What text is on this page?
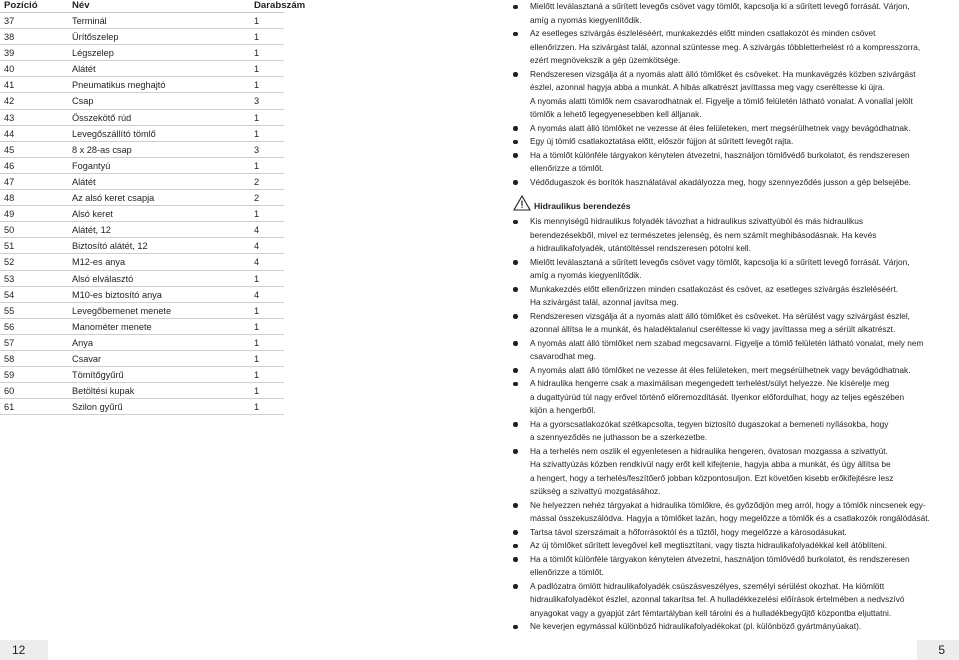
Pozíció	Név	Darabszám
37	Terminál	1
38	Ürítőszelep	1
39	Légszelep	1
40	Alátét	1
41	Pneumatikus meghajtó	1
42	Csap	3
43	Összekötő rúd	1
44	Levegőszállító tömlő	1
45	8 x 28-as csap	3
46	Fogantyú	1
47	Alátét	2
48	Az alsó keret csapja	2
49	Alsó keret	1
50	Alátét, 12	4
51	Biztosító alátét, 12	4
52	M12-es anya	4
53	Alsó elválasztó	1
54	M10-es biztosító anya	4
55	Levegőbemenet menete	1
56	Manométer menete	1
57	Anya	1
58	Csavar	1
59	Tömítőgyűrű	1
60	Betöltési kupak	1
61	Szilon gyűrű	1
Mielőtt leválasztaná a sűrített levegős csövet vagy tömlőt, kapcsolja ki a sűrített levegő forrását. Várjon,
amíg a nyomás kiegyenlítődik.
Az esetleges szivárgás észleléséért, munkakezdés előtt minden csatlakozót és minden csövet
ellenőrizzen. Ha szivárgást talál, azonnal szüntesse meg. A szivárgás többletterhelést ró a kompresszorra,
ezért megnövekszik a gép üzemkötsége.
Rendszeresen vizsgálja át a nyomás alatt álló tömlőket és csöveket. Ha munkavégzés közben szivárgást
észlel, azonnal hagyja abba a munkát. A hibás alkatrészt javíttassa meg vagy cseréltesse ki újra.
A nyomás alatti tömlők nem csavarodhatnak el. Figyelje a tömlő felületén látható vonalat. A vonallal jelölt
tömlők a lehető legegyenesebben kell álljanak.
A nyomás alatt álló tömlőket ne vezesse át éles felületeken, mert megsérülhetnek vagy bevágódhatnak.
Egy új tömlő csatlakoztatása előtt, először fújjon át sűrített levegőt rajta.
Ha a tömlőt különféle tárgyakon kénytelen átvezetni, használjon tömlővédő burkolatot, és rendszeresen
ellenőrizze a tömlőt.
Védődugaszok és borítók használatával akadályozza meg, hogy szennyeződés jusson a gép belsejébe.
Hidraulikus berendezés
Kis mennyiségű hidraulikus folyadék távozhat a hidraulikus szivattyúból és más hidraulikus
berendezésekből, mivel ez természetes jelenség, és nem számít meghibásodásnak. Ha kevés
a hidraulikafolyadék, utántöltéssel rendszeresen pótolni kell.
Mielőtt leválasztaná a sűrített levegős csövet vagy tömlőt, kapcsolja ki a sűrített levegő forrását. Várjon,
amíg a nyomás kiegyenlítődik.
Munkakezdés előtt ellenőrizzen minden csatlakozást és csövet, az esetleges szivárgás észleléséért.
Ha szivárgást talál, azonnal javítsa meg.
Rendszeresen vizsgálja át a nyomás alatt álló tömlőket és csöveket. Ha sérülést vagy szivárgást észlel,
azonnal állítsa le a munkát, és haladéktalanul cseréltesse ki vagy javíttassa meg a sérült alkatrészt.
A nyomás alatt álló tömlőket nem szabad megcsavarni. Figyelje a tömlő felületén látható vonalat, mely nem
csavarodhat meg.
A nyomás alatt álló tömlőket ne vezesse át éles felületeken, mert megsérülhetnek vagy bevágódhatnak.
A hidraulika hengerre csak a maximálisan megengedett terhelést/súlyt helyezze. Ne kísérelje meg
a dugattyúrúd túl nagy erővel történő előremozdítását. Ilyenkor előfordulhat, hogy az teljes egészében
kijön a hengerből.
Ha a gyorscsatlakozókat szétkapcsolta, tegyen biztosító dugaszokat a bemeneti nyílásokba, hogy
a szennyeződés ne juthasson be a szerkezetbe.
Ha a terhelés nem oszlik el egyenletesen a hidraulika hengeren, óvatosan mozgassa a szivattyút.
Ha szivattyúzás közben rendkívül nagy erőt kell kifejtenie, hagyja abba a munkát, és úgy állítsa be
a hengert, hogy a terhelés/feszítőerő jobban központosuljon. Ezt követően kisebb erőkifejtésre lesz
szükség a szivattyú mozgatásához.
Ne helyezzen nehéz tárgyakat a hidraulika tömlőkre, és győződjön meg arról, hogy a tömlők nincsenek egy-
mással összekuszálódva. Hagyja a tömlőket lazán, hogy megelőzze a tömlők és a csatlakozók rongálódását.
Tartsa távol szerszámait a hőforrásoktól és a tűztől, hogy megelőzze a károsodásukat.
Az új tömlőket sűrített levegővel kell megtisztítani, vagy tiszta hidraulikafolyadékkal kell átöblíteni.
Ha a tömlőt különféle tárgyakon kénytelen átvezetni, használjon tömlővédő burkolatot, és rendszeresen
ellenőrizze a tömlőt.
A padlózatra ömlött hidraulikafolyadék csúszásveszélyes, személyi sérülést okozhat. Ha kiömlött
hidraulikafolyadékot észlel, azonnal takarítsa fel. A hulladékkezelési előírások értelmében a nedvszívó
anyagokat vagy a gyapjút zárt fémtartályban kell tárolni és a hulladékbegyűjtő központba eljuttatni.
Ne keverjen egymással különböző hidraulikafolyadékokat (pl. különböző gyártmányúakat).
12	5
